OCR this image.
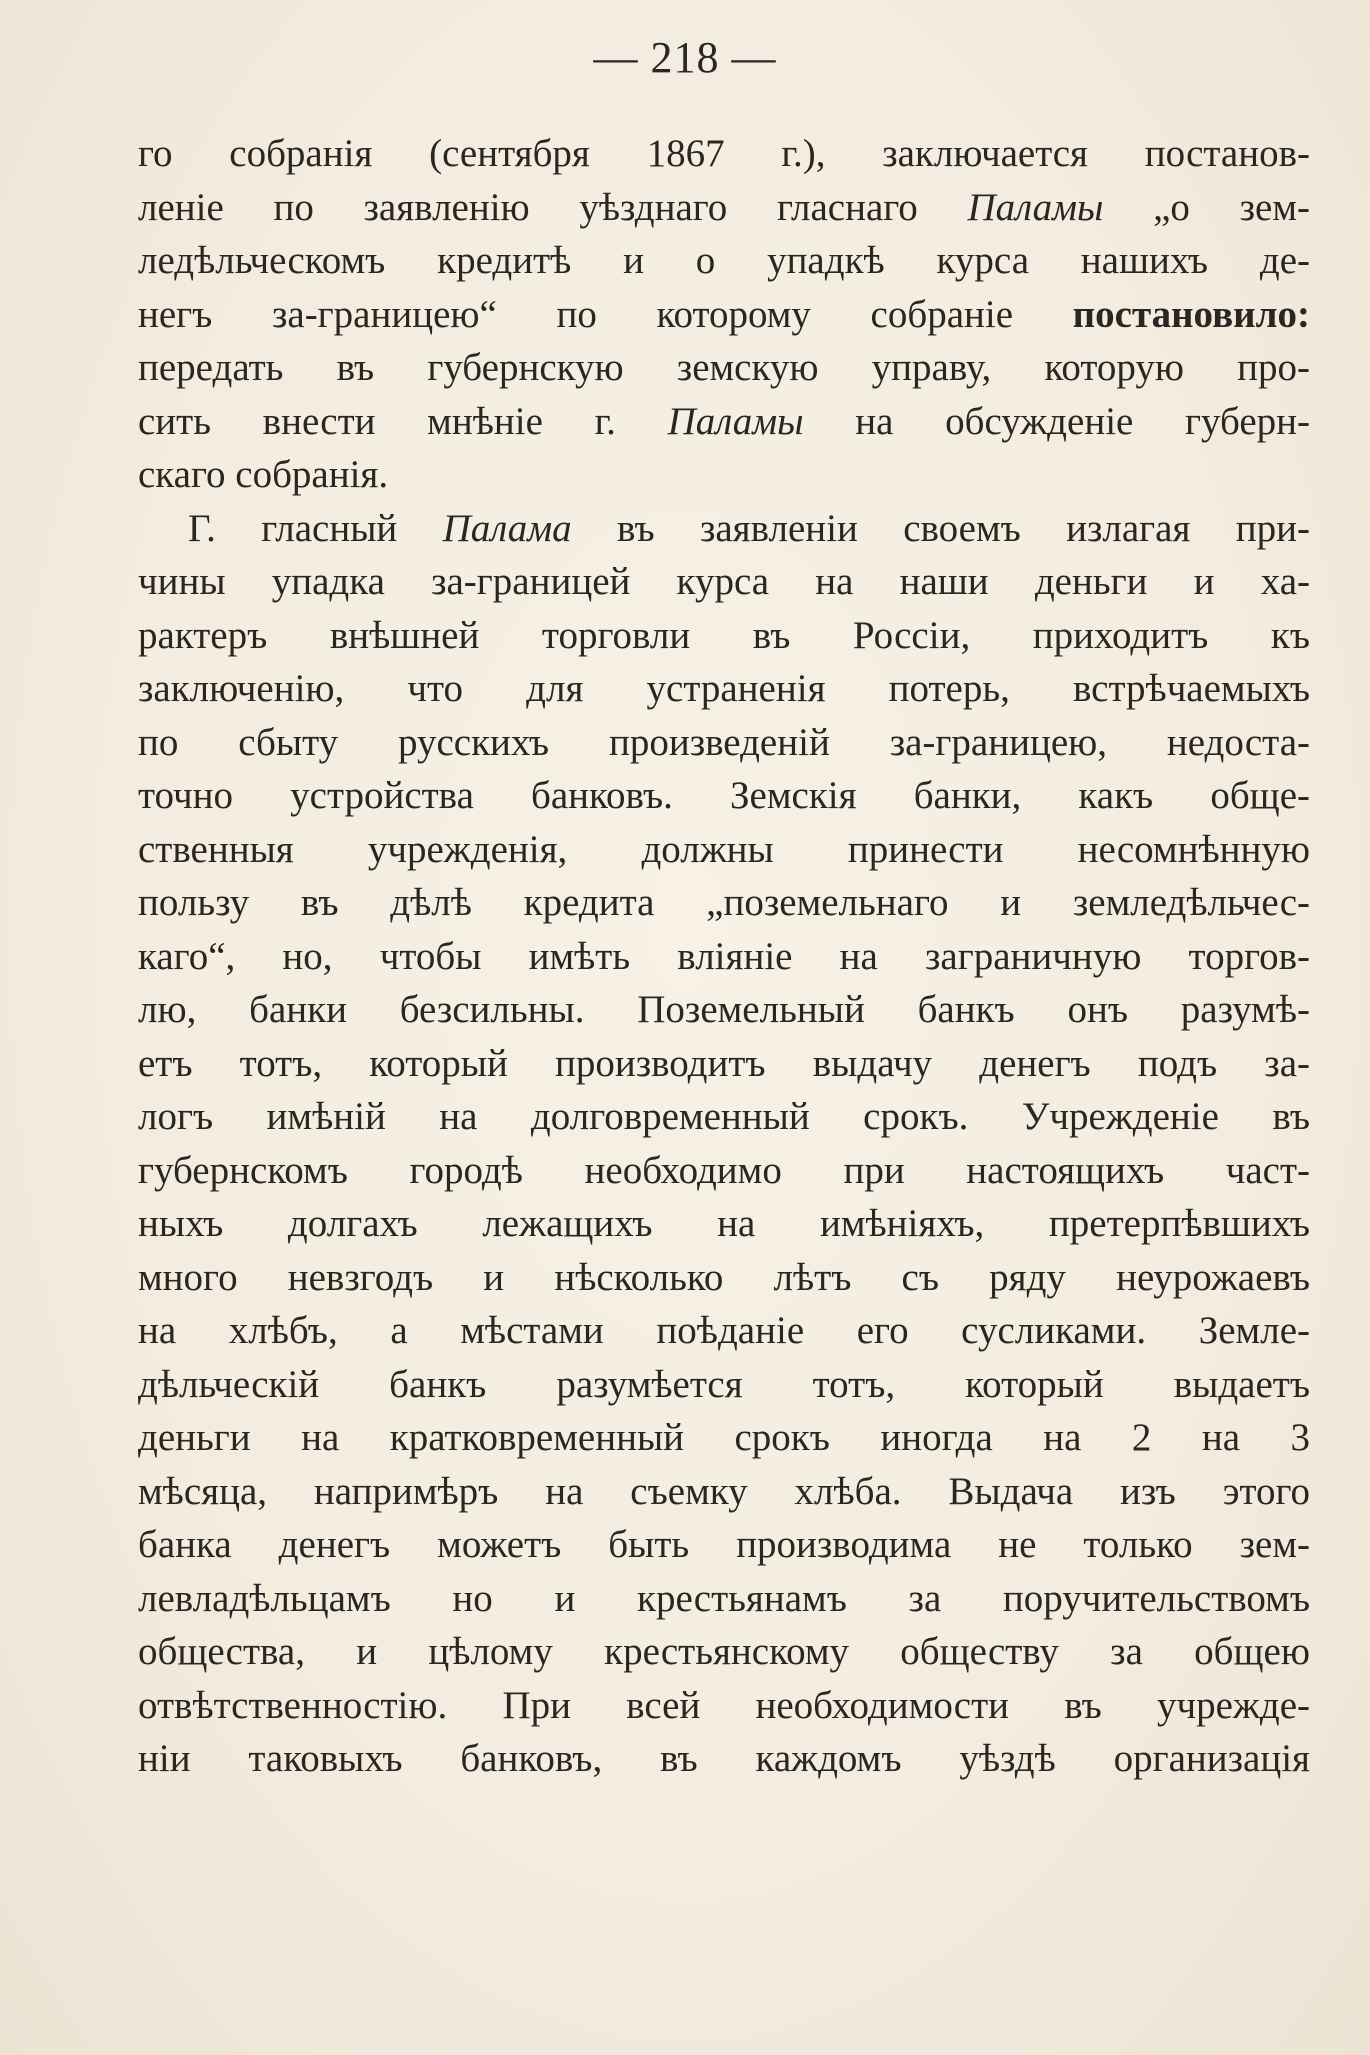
— 218 —
го собранія (сентября 1867 г.), заключается постанов-
леніе по заявленію уѣзднаго гласнаго Паламы „о зем-
ледѣльческомъ кредитѣ и о упадкѣ курса нашихъ де-
негъ за-границею“ по которому собраніе постановило:
передать въ губернскую земскую управу, которую про-
сить внести мнѣніе г. Паламы на обсужденіе губерн-
скаго собранія.
Г. гласный Палама въ заявленіи своемъ излагая при-
чины упадка за-границей курса на наши деньги и ха-
рактеръ внѣшней торговли въ Россіи, приходитъ къ
заключенію, что для устраненія потерь, встрѣчаемыхъ
по сбыту русскихъ произведеній за-границею, недоста-
точно устройства банковъ. Земскія банки, какъ обще-
ственныя учрежденія, должны принести несомнѣнную
пользу въ дѣлѣ кредита „поземельнаго и земледѣльчес-
каго“, но, чтобы имѣть вліяніе на заграничную торгов-
лю, банки безсильны. Поземельный банкъ онъ разумѣ-
етъ тотъ, который производитъ выдачу денегъ подъ за-
логъ имѣній на долговременный срокъ. Учрежденіе въ
губернскомъ городѣ необходимо при настоящихъ част-
ныхъ долгахъ лежащихъ на имѣніяхъ, претерпѣвшихъ
много невзгодъ и нѣсколько лѣтъ съ ряду неурожаевъ
на хлѣбъ, а мѣстами поѣданіе его сусликами. Земле-
дѣльческій банкъ разумѣется тотъ, который выдаетъ
деньги на кратковременный срокъ иногда на 2 на 3
мѣсяца, напримѣръ на съемку хлѣба. Выдача изъ этого
банка денегъ можетъ быть производима не только зем-
левладѣльцамъ но и крестьянамъ за поручительствомъ
общества, и цѣлому крестьянскому обществу за общею
отвѣтственностію. При всей необходимости въ учрежде-
ніи таковыхъ банковъ, въ каждомъ уѣздѣ организація
